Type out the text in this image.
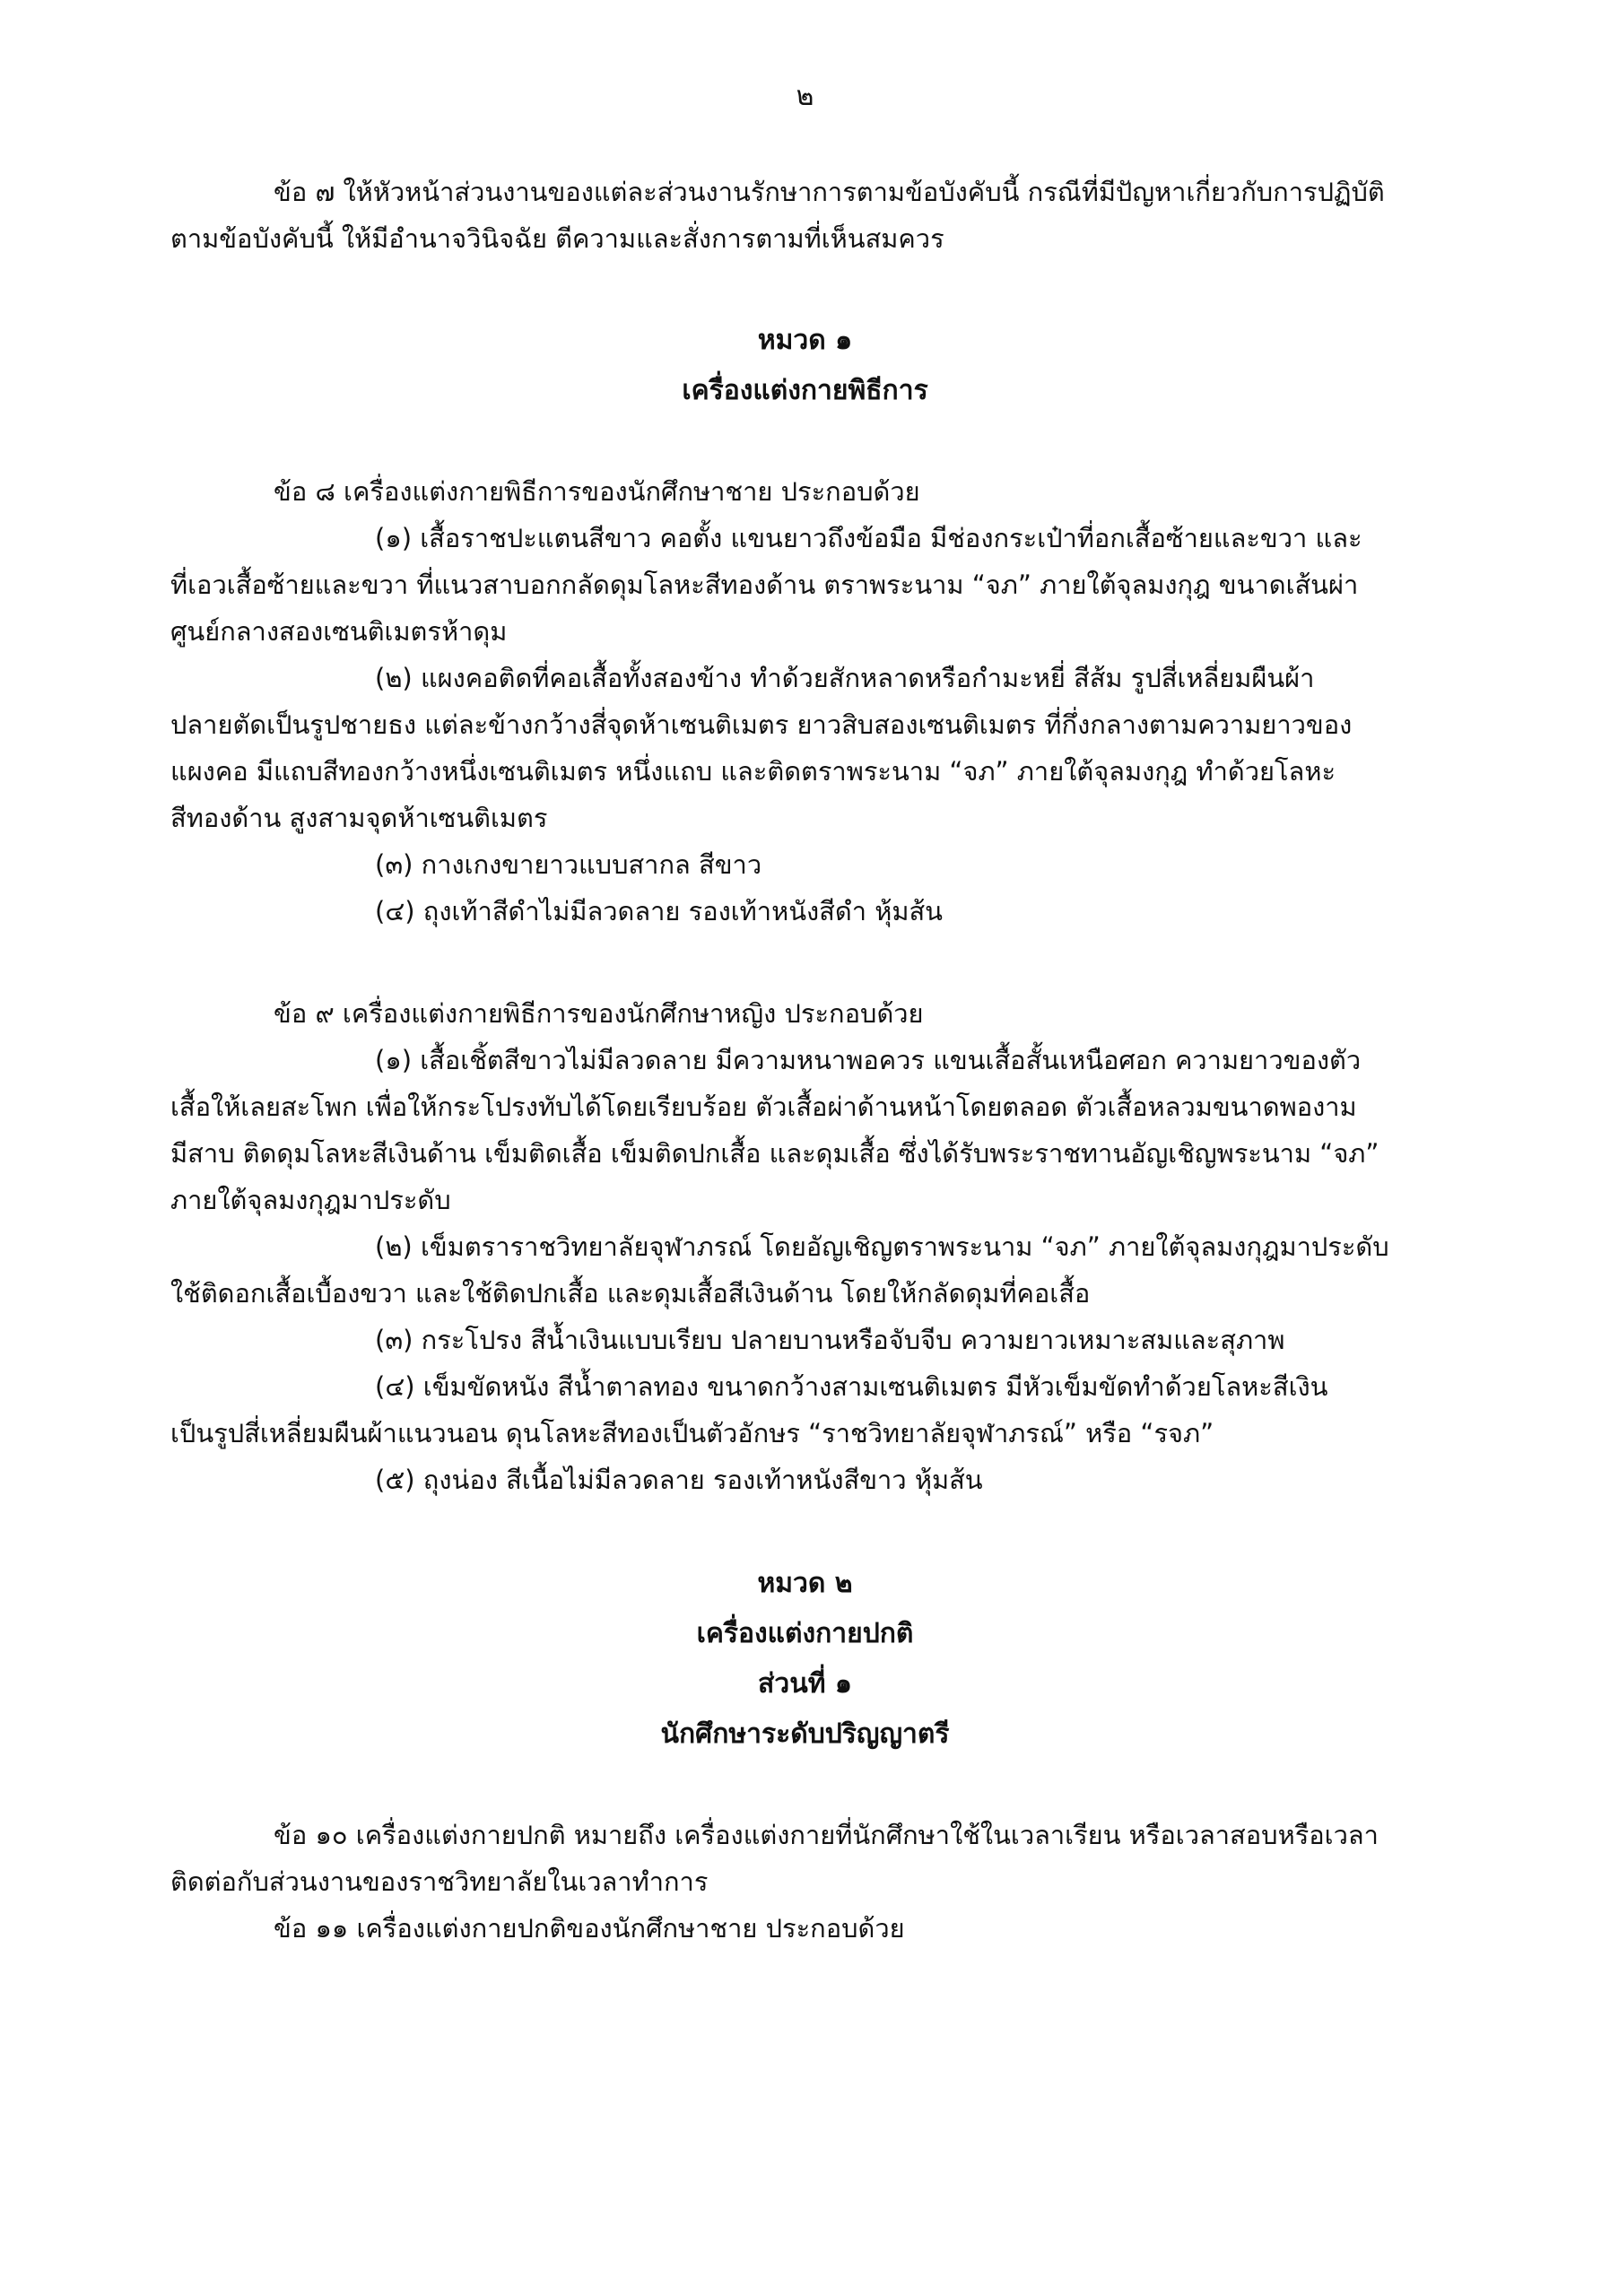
๒
ข้อ ๗ ให้หัวหน้าส่วนงานของแต่ละส่วนงานรักษาการตามข้อบังคับนี้ กรณีที่มีปัญหาเกี่ยวกับการปฏิบัติ
ตามข้อบังคับนี้ ให้มีอำนาจวินิจฉัย ตีความและสั่งการตามที่เห็นสมควร
หมวด ๑
เครื่องแต่งกายพิธีการ
ข้อ ๘ เครื่องแต่งกายพิธีการของนักศึกษาชาย ประกอบด้วย
(๑) เสื้อราชปะแตนสีขาว คอตั้ง แขนยาวถึงข้อมือ มีช่องกระเป๋าที่อกเสื้อซ้ายและขวา และ
ที่เอวเสื้อซ้ายและขวา ที่แนวสาบอกกลัดดุมโลหะสีทองด้าน ตราพระนาม “จภ” ภายใต้จุลมงกุฎ ขนาดเส้นผ่า
ศูนย์กลางสองเซนติเมตรห้าดุม
(๒) แผงคอติดที่คอเสื้อทั้งสองข้าง ทำด้วยสักหลาดหรือกำมะหยี่ สีส้ม รูปสี่เหลี่ยมผืนผ้า
ปลายตัดเป็นรูปชายธง แต่ละข้างกว้างสี่จุดห้าเซนติเมตร ยาวสิบสองเซนติเมตร ที่กึ่งกลางตามความยาวของ
แผงคอ มีแถบสีทองกว้างหนึ่งเซนติเมตร หนึ่งแถบ และติดตราพระนาม “จภ” ภายใต้จุลมงกุฎ ทำด้วยโลหะ
สีทองด้าน สูงสามจุดห้าเซนติเมตร
(๓) กางเกงขายาวแบบสากล สีขาว
(๔) ถุงเท้าสีดำไม่มีลวดลาย รองเท้าหนังสีดำ หุ้มส้น
ข้อ ๙ เครื่องแต่งกายพิธีการของนักศึกษาหญิง ประกอบด้วย
(๑) เสื้อเชิ้ตสีขาวไม่มีลวดลาย มีความหนาพอควร แขนเสื้อสั้นเหนือศอก ความยาวของตัว
เสื้อให้เลยสะโพก เพื่อให้กระโปรงทับได้โดยเรียบร้อย ตัวเสื้อผ่าด้านหน้าโดยตลอด ตัวเสื้อหลวมขนาดพองาม
มีสาบ ติดดุมโลหะสีเงินด้าน เข็มติดเสื้อ เข็มติดปกเสื้อ และดุมเสื้อ ซึ่งได้รับพระราชทานอัญเชิญพระนาม “จภ”
ภายใต้จุลมงกุฎมาประดับ
(๒) เข็มตราราชวิทยาลัยจุฬาภรณ์ โดยอัญเชิญตราพระนาม “จภ” ภายใต้จุลมงกุฎมาประดับ
ใช้ติดอกเสื้อเบื้องขวา และใช้ติดปกเสื้อ และดุมเสื้อสีเงินด้าน โดยให้กลัดดุมที่คอเสื้อ
(๓) กระโปรง สีน้ำเงินแบบเรียบ ปลายบานหรือจับจีบ ความยาวเหมาะสมและสุภาพ
(๔) เข็มขัดหนัง สีน้ำตาลทอง ขนาดกว้างสามเซนติเมตร มีหัวเข็มขัดทำด้วยโลหะสีเงิน
เป็นรูปสี่เหลี่ยมผืนผ้าแนวนอน ดุนโลหะสีทองเป็นตัวอักษร “ราชวิทยาลัยจุฬาภรณ์” หรือ “รจภ”
(๕) ถุงน่อง สีเนื้อไม่มีลวดลาย รองเท้าหนังสีขาว หุ้มส้น
หมวด ๒
เครื่องแต่งกายปกติ
ส่วนที่ ๑
นักศึกษาระดับปริญญาตรี
ข้อ ๑๐ เครื่องแต่งกายปกติ หมายถึง เครื่องแต่งกายที่นักศึกษาใช้ในเวลาเรียน หรือเวลาสอบหรือเวลา
ติดต่อกับส่วนงานของราชวิทยาลัยในเวลาทำการ
ข้อ ๑๑ เครื่องแต่งกายปกติของนักศึกษาชาย ประกอบด้วย
